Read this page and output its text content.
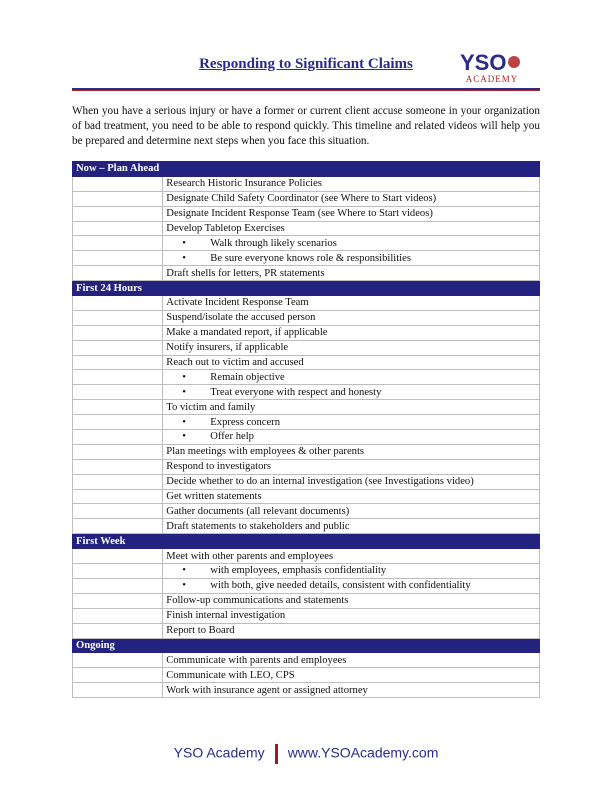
Responding to Significant Claims	YSO
ACADEMY

When you have a serious injury or have a former or current client accuse someone in your organization of bad treatment, you need to be able to respond quickly. This timeline and related videos will help you be prepared and determine next steps when you face this situation.

Now – Plan Ahead	
	Research Historic Insurance Policies
	Designate Child Safety Coordinator (see Where to Start videos)
	Designate Incident Response Team (see Where to Start videos)
	Develop Tabletop Exercises
	• Walk through likely scenarios
	• Be sure everyone knows role & responsibilities
	Draft shells for letters, PR statements
First 24 Hours	
	Activate Incident Response Team
	Suspend/isolate the accused person
	Make a mandated report, if applicable
	Notify insurers, if applicable
	Reach out to victim and accused
	• Remain objective
	• Treat everyone with respect and honesty
	To victim and family
	• Express concern
	• Offer help
	Plan meetings with employees & other parents
	Respond to investigators
	Decide whether to do an internal investigation (see Investigations video)
	Get written statements
	Gather documents (all relevant documents)
	Draft statements to stakeholders and public
First Week	
	Meet with other parents and employees
	• with employees, emphasis confidentiality
	• with both, give needed details, consistent with confidentiality
	Follow-up communications and statements
	Finish internal investigation
	Report to Board
Ongoing	
	Communicate with parents and employees
	Communicate with LEO, CPS
	Work with insurance agent or assigned attorney
YSO Academy www.YSOAcademy.com
